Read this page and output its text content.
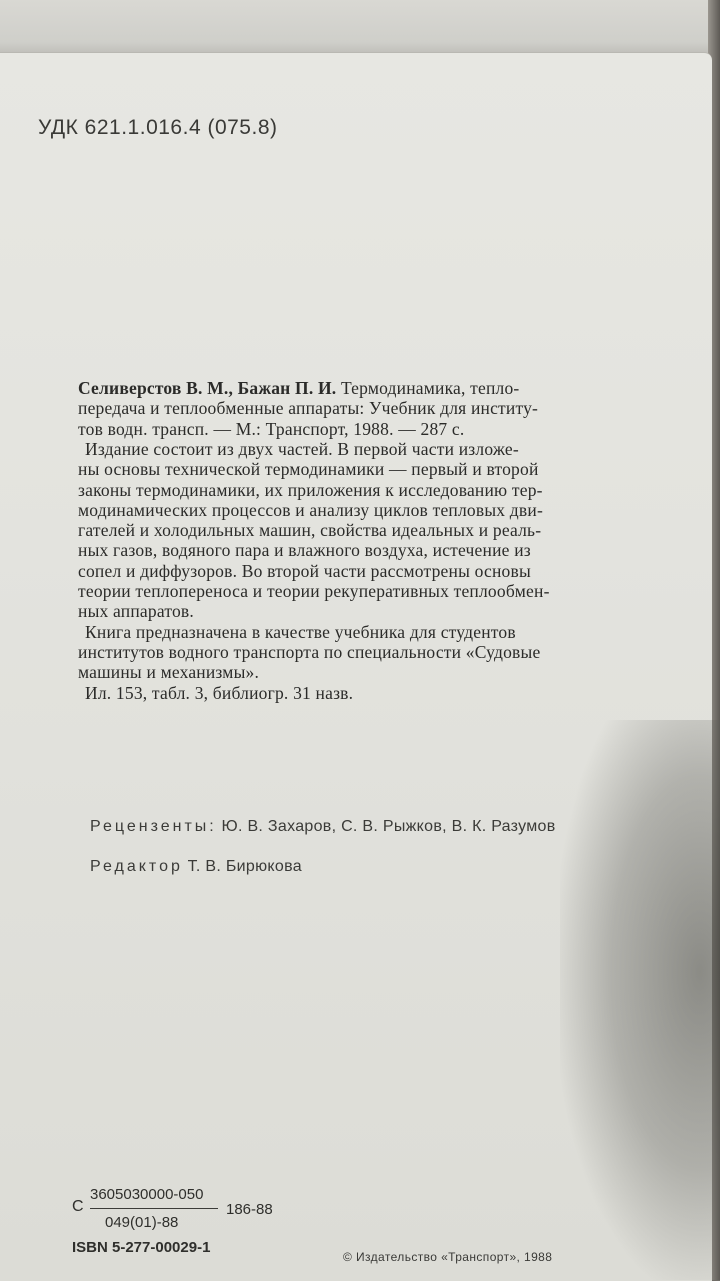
УДК 621.1.016.4 (075.8)
Селиверстов В. М., Бажан П. И. Термодинамика, тепло-
передача и теплообменные аппараты: Учебник для институ-
тов водн. трансп. — М.: Транспорт, 1988. — 287 с.
Издание состоит из двух частей. В первой части изложе-
ны основы технической термодинамики — первый и второй
законы термодинамики, их приложения к исследованию тер-
модинамических процессов и анализу циклов тепловых дви-
гателей и холодильных машин, свойства идеальных и реаль-
ных газов, водяного пара и влажного воздуха, истечение из
сопел и диффузоров. Во второй части рассмотрены основы
теории теплопереноса и теории рекуперативных теплообмен-
ных аппаратов.
Книга предназначена в качестве учебника для студентов
институтов водного транспорта по специальности «Судовые
машины и механизмы».
Ил. 153, табл. 3, библиогр. 31 назв.
Рецензенты: Ю. В. Захаров, С. В. Рыжков, В. К. Разумов
Редактор Т. В. Бирюкова
С
3605030000-050
049(01)-88
186-88
ISBN 5-277-00029-1
© Издательство «Транспорт», 1988
